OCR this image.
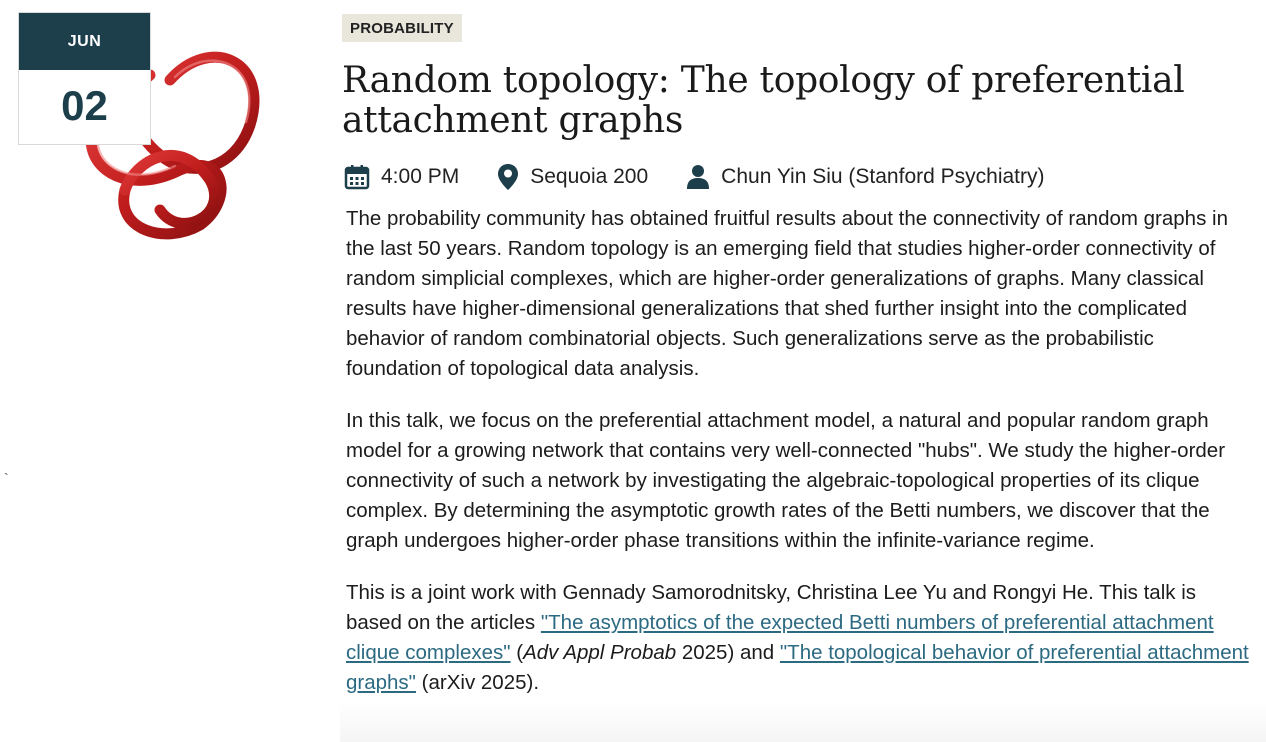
JUN
02
`
PROBABILITY
Random topology: The topology of preferential attachment graphs
4:00 PM	Sequoia 200	Chun Yin Siu (Stanford Psychiatry)

The probability community has obtained fruitful results about the connectivity of random graphs in the last 50 years. Random topology is an emerging field that studies higher-order connectivity of random simplicial complexes, which are higher-order generalizations of graphs. Many classical results have higher-dimensional generalizations that shed further insight into the complicated behavior of random combinatorial objects. Such generalizations serve as the probabilistic foundation of topological data analysis.

In this talk, we focus on the preferential attachment model, a natural and popular random graph model for a growing network that contains very well-connected "hubs". We study the higher-order connectivity of such a network by investigating the algebraic-topological properties of its clique complex. By determining the asymptotic growth rates of the Betti numbers, we discover that the graph undergoes higher-order phase transitions within the infinite-variance regime.

This is a joint work with Gennady Samorodnitsky, Christina Lee Yu and Rongyi He. This talk is based on the articles "The asymptotics of the expected Betti numbers of preferential attachment clique complexes" (Adv Appl Probab 2025) and "The topological behavior of preferential attachment graphs" (arXiv 2025).
